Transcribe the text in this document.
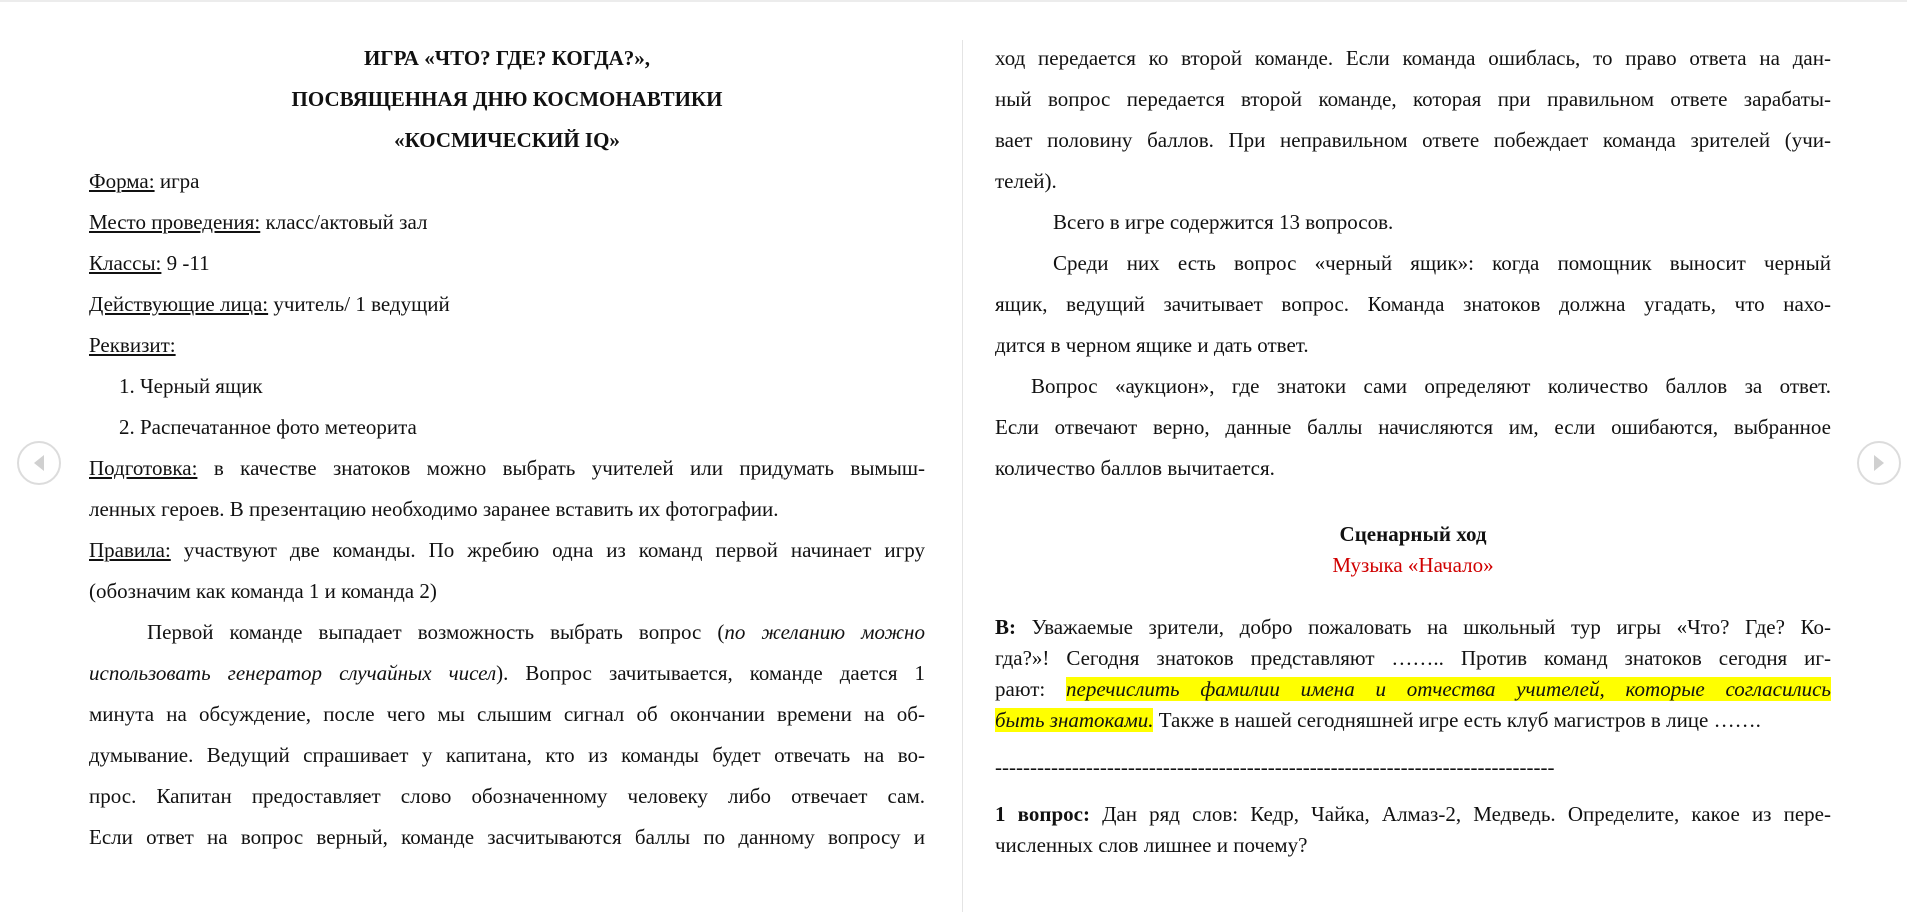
ИГРА «ЧТО? ГДЕ? КОГДА?»,
ПОСВЯЩЕННАЯ ДНЮ КОСМОНАВТИКИ
«КОСМИЧЕСКИЙ IQ»
Форма: игра
Место проведения: класс/актовый зал
Классы: 9 -11
Действующие лица: учитель/ 1 ведущий
Реквизит:
1. Черный ящик
2. Распечатанное фото метеорита
Подготовка: в качестве знатоков можно выбрать учителей или придумать вымыш-
ленных героев. В презентацию необходимо заранее вставить их фотографии.
Правила: участвуют две команды. По жребию одна из команд первой начинает игру
(обозначим как команда 1 и команда 2)
Первой команде выпадает возможность выбрать вопрос (по желанию можно
использовать генератор случайных чисел). Вопрос зачитывается, команде дается 1
минута на обсуждение, после чего мы слышим сигнал об окончании времени на об-
думывание. Ведущий спрашивает у капитана, кто из команды будет отвечать на во-
прос. Капитан предоставляет слово обозначенному человеку либо отвечает сам.
Если ответ на вопрос верный, команде засчитываются баллы по данному вопросу и
ход передается ко второй команде. Если команда ошиблась, то право ответа на дан-
ный вопрос передается второй команде, которая при правильном ответе зарабаты-
вает половину баллов. При неправильном ответе побеждает команда зрителей (учи-
телей).
Всего в игре содержится 13 вопросов.
Среди них есть вопрос «черный ящик»: когда помощник выносит черный
ящик, ведущий зачитывает вопрос. Команда знатоков должна угадать, что нахо-
дится в черном ящике и дать ответ.
Вопрос «аукцион», где знатоки сами определяют количество баллов за ответ.
Если отвечают верно, данные баллы начисляются им, если ошибаются, выбранное
количество баллов вычитается.
Сценарный ход
Музыка «Начало»
В: Уважаемые зрители, добро пожаловать на школьный тур игры «Что? Где? Ко-
гда?»! Сегодня знатоков представляют …….. Против команд знатоков сегодня иг-
рают: перечислить фамилии имена и отчества учителей, которые согласились
быть знатоками. Также в нашей сегодняшней игре есть клуб магистров в лице …….
--------------------------------------------------------------------------------
1 вопрос: Дан ряд слов: Кедр, Чайка, Алмаз-2, Медведь. Определите, какое из пере-
численных слов лишнее и почему?
